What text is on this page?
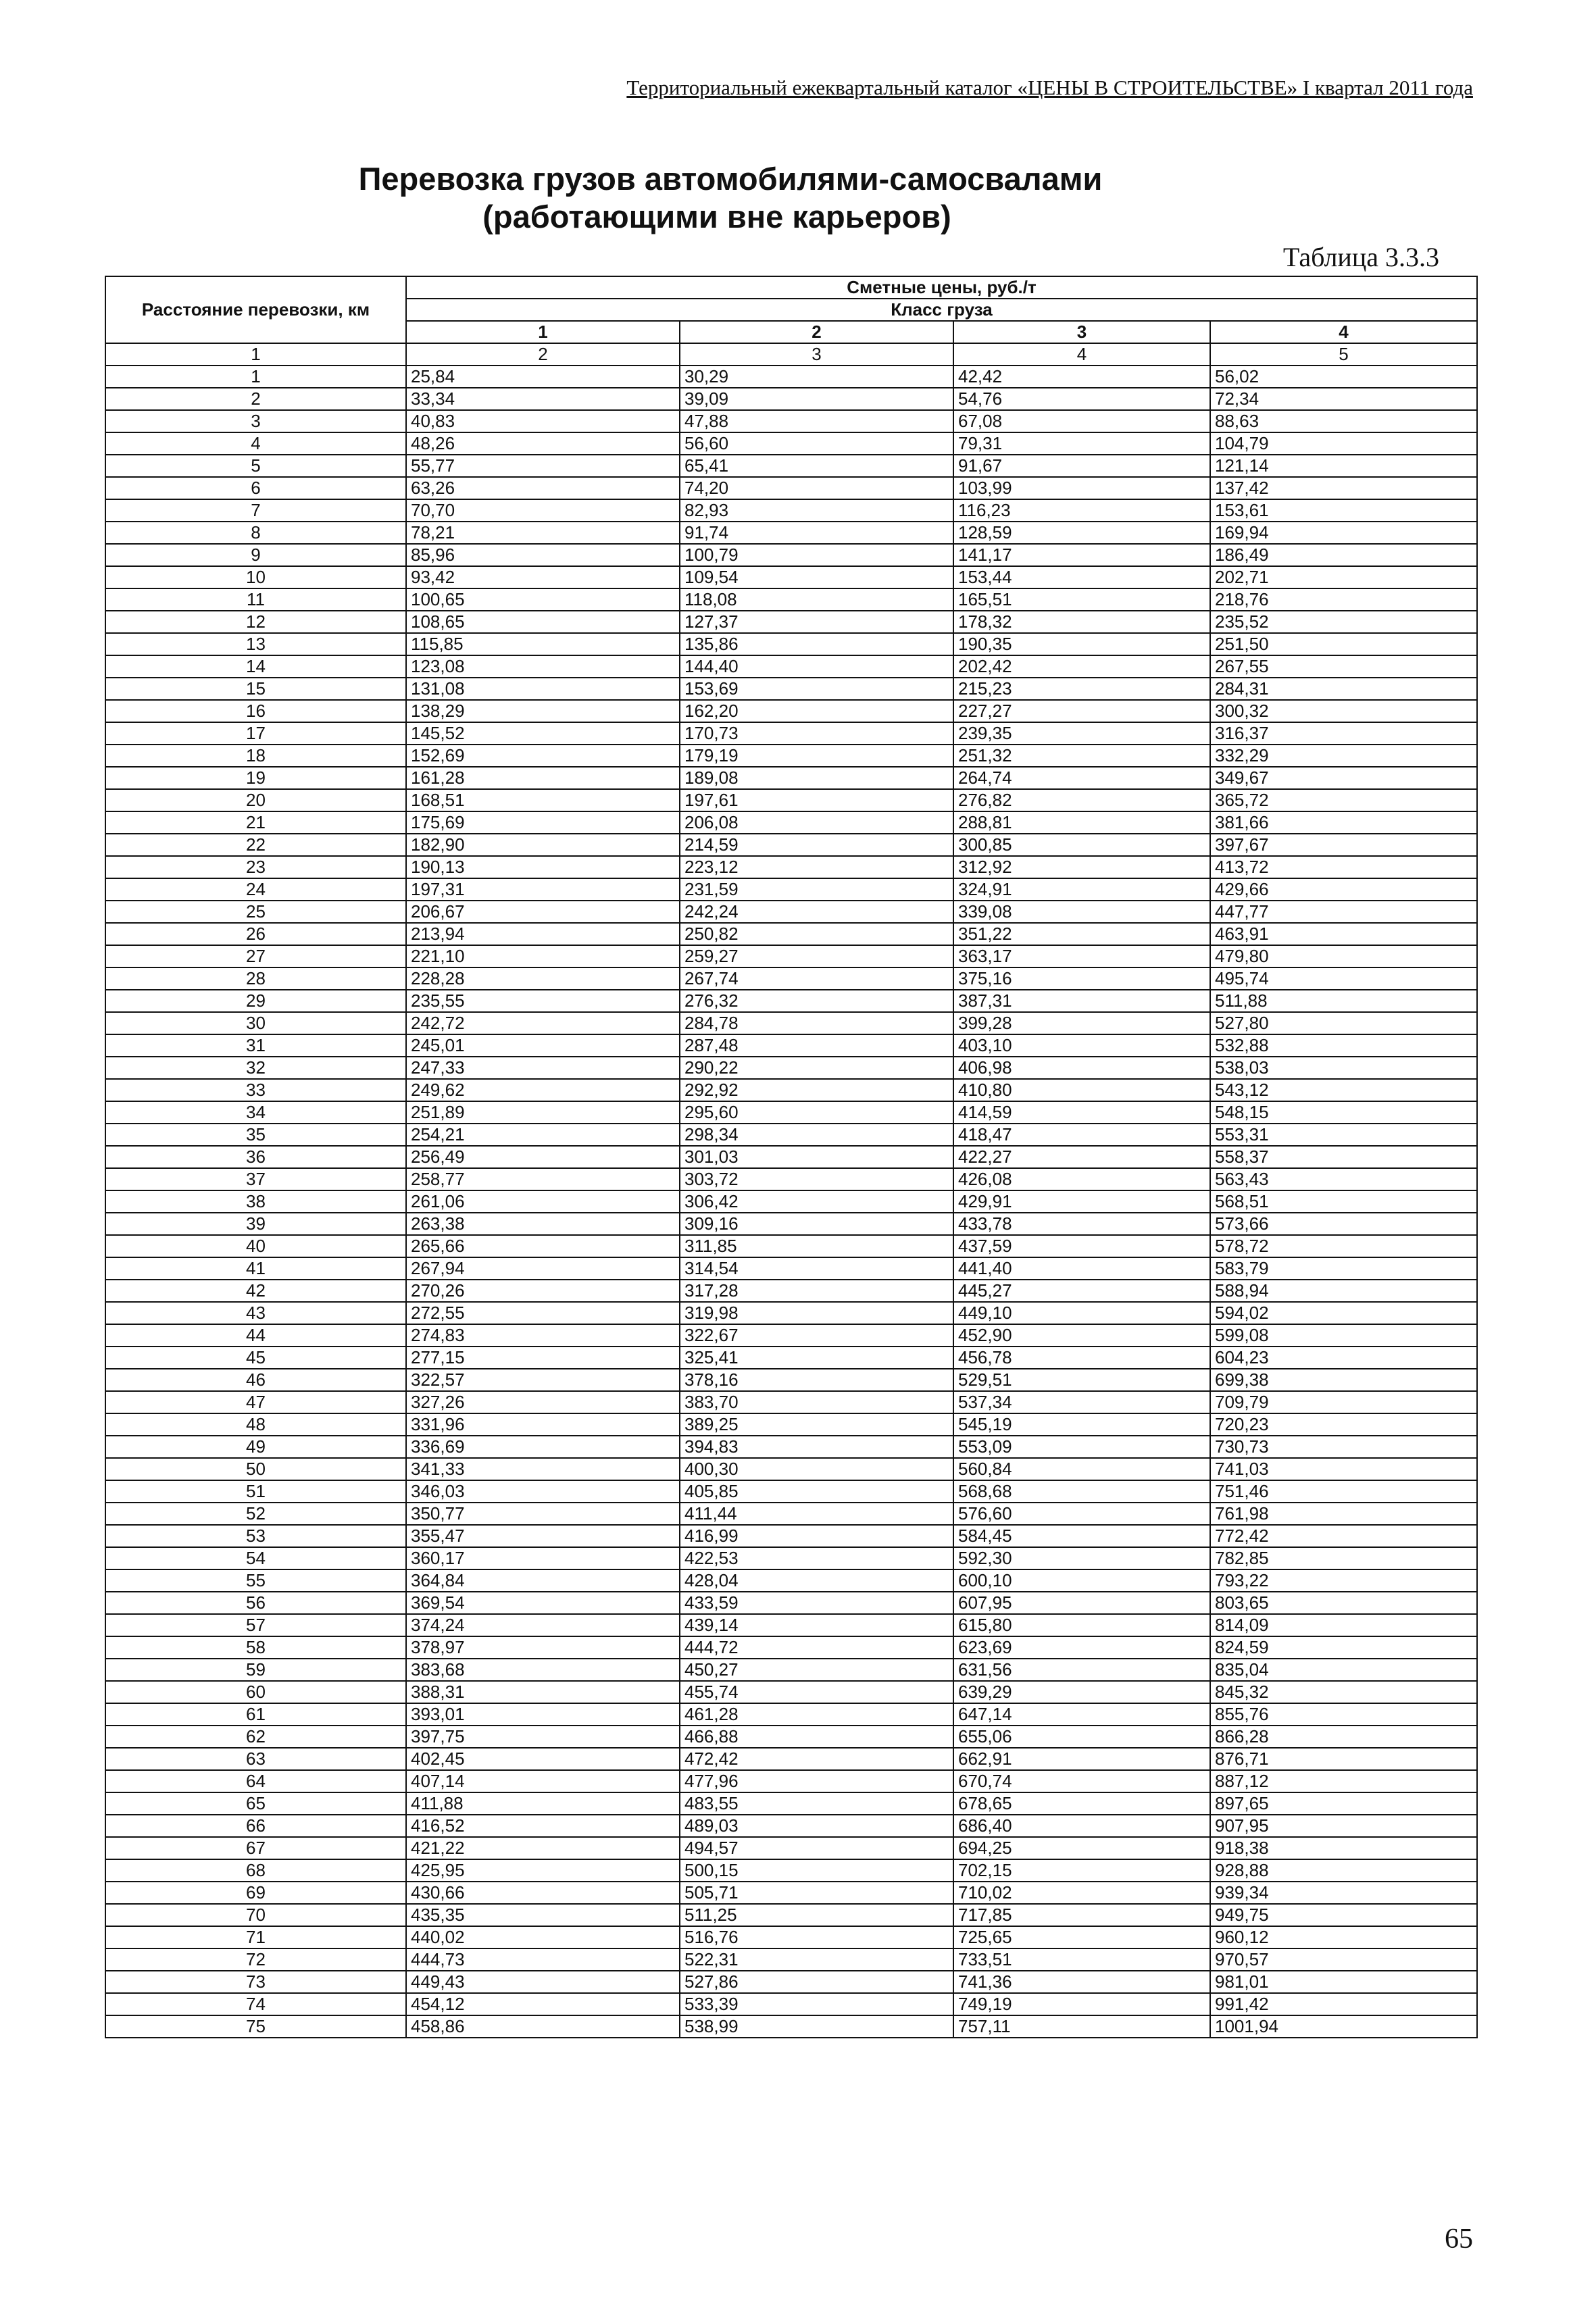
Территориальный ежеквартальный каталог «ЦЕНЫ В СТРОИТЕЛЬСТВЕ» I квартал 2011 года
Перевозка грузов автомобилями-самосвалами
(работающими вне карьеров)
Таблица 3.3.3
Расстояние перевозки, км	Сметные цены, руб./т			
	Класс груза			
	1	2	3	4
1	2	3	4	5
1	25,84	30,29	42,42	56,02
2	33,34	39,09	54,76	72,34
3	40,83	47,88	67,08	88,63
4	48,26	56,60	79,31	104,79
5	55,77	65,41	91,67	121,14
6	63,26	74,20	103,99	137,42
7	70,70	82,93	116,23	153,61
8	78,21	91,74	128,59	169,94
9	85,96	100,79	141,17	186,49
10	93,42	109,54	153,44	202,71
11	100,65	118,08	165,51	218,76
12	108,65	127,37	178,32	235,52
13	115,85	135,86	190,35	251,50
14	123,08	144,40	202,42	267,55
15	131,08	153,69	215,23	284,31
16	138,29	162,20	227,27	300,32
17	145,52	170,73	239,35	316,37
18	152,69	179,19	251,32	332,29
19	161,28	189,08	264,74	349,67
20	168,51	197,61	276,82	365,72
21	175,69	206,08	288,81	381,66
22	182,90	214,59	300,85	397,67
23	190,13	223,12	312,92	413,72
24	197,31	231,59	324,91	429,66
25	206,67	242,24	339,08	447,77
26	213,94	250,82	351,22	463,91
27	221,10	259,27	363,17	479,80
28	228,28	267,74	375,16	495,74
29	235,55	276,32	387,31	511,88
30	242,72	284,78	399,28	527,80
31	245,01	287,48	403,10	532,88
32	247,33	290,22	406,98	538,03
33	249,62	292,92	410,80	543,12
34	251,89	295,60	414,59	548,15
35	254,21	298,34	418,47	553,31
36	256,49	301,03	422,27	558,37
37	258,77	303,72	426,08	563,43
38	261,06	306,42	429,91	568,51
39	263,38	309,16	433,78	573,66
40	265,66	311,85	437,59	578,72
41	267,94	314,54	441,40	583,79
42	270,26	317,28	445,27	588,94
43	272,55	319,98	449,10	594,02
44	274,83	322,67	452,90	599,08
45	277,15	325,41	456,78	604,23
46	322,57	378,16	529,51	699,38
47	327,26	383,70	537,34	709,79
48	331,96	389,25	545,19	720,23
49	336,69	394,83	553,09	730,73
50	341,33	400,30	560,84	741,03
51	346,03	405,85	568,68	751,46
52	350,77	411,44	576,60	761,98
53	355,47	416,99	584,45	772,42
54	360,17	422,53	592,30	782,85
55	364,84	428,04	600,10	793,22
56	369,54	433,59	607,95	803,65
57	374,24	439,14	615,80	814,09
58	378,97	444,72	623,69	824,59
59	383,68	450,27	631,56	835,04
60	388,31	455,74	639,29	845,32
61	393,01	461,28	647,14	855,76
62	397,75	466,88	655,06	866,28
63	402,45	472,42	662,91	876,71
64	407,14	477,96	670,74	887,12
65	411,88	483,55	678,65	897,65
66	416,52	489,03	686,40	907,95
67	421,22	494,57	694,25	918,38
68	425,95	500,15	702,15	928,88
69	430,66	505,71	710,02	939,34
70	435,35	511,25	717,85	949,75
71	440,02	516,76	725,65	960,12
72	444,73	522,31	733,51	970,57
73	449,43	527,86	741,36	981,01
74	454,12	533,39	749,19	991,42
75	458,86	538,99	757,11	1001,94
65
